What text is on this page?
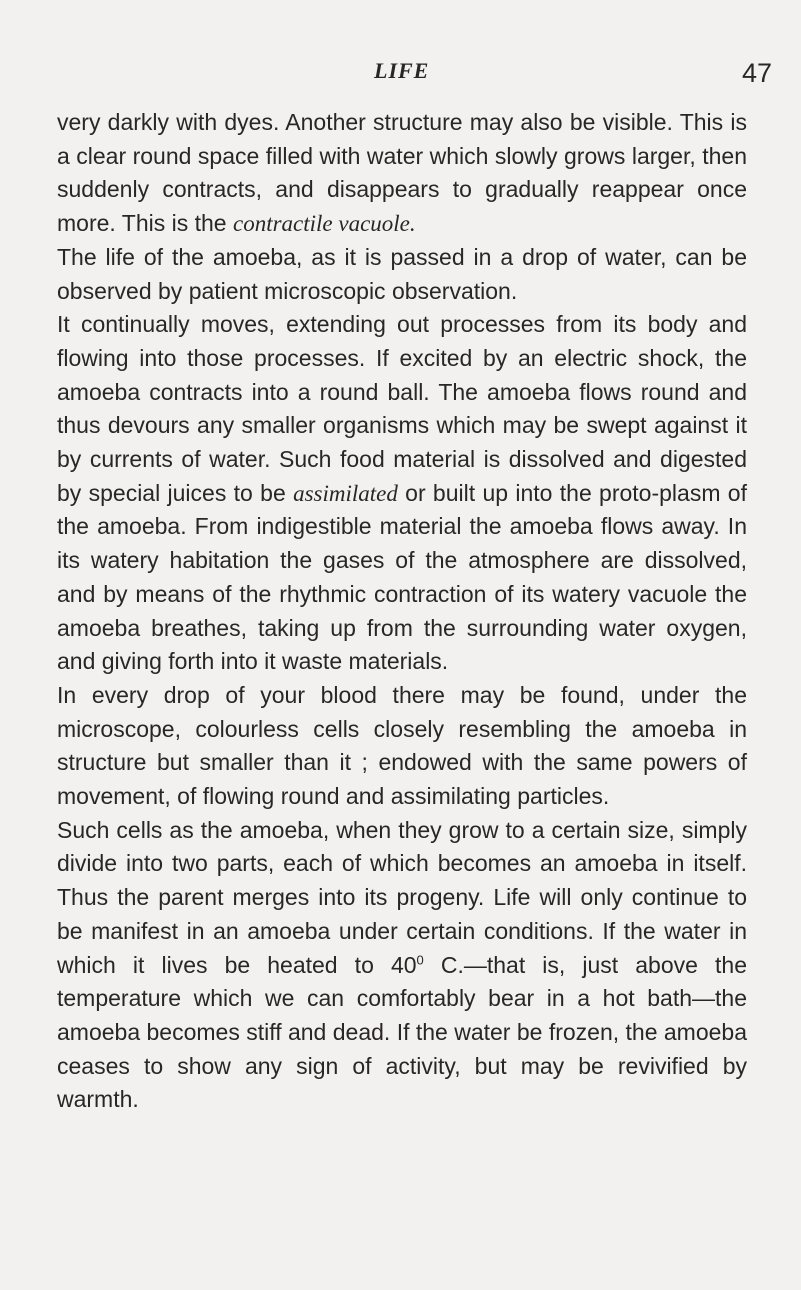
LIFE	47

very darkly with dyes. Another structure may also be visible. This is a clear round space filled with water which slowly grows larger, then suddenly contracts, and disappears to gradually reappear once more. This is the contractile vacuole.

The life of the amoeba, as it is passed in a drop of water, can be observed by patient microscopic observation.

It continually moves, extending out processes from its body and flowing into those processes. If excited by an electric shock, the amoeba contracts into a round ball. The amoeba flows round and thus devours any smaller organisms which may be swept against it by currents of water. Such food material is dissolved and digested by special juices to be assimilated or built up into the proto-plasm of the amoeba. From indigestible material the amoeba flows away. In its watery habitation the gases of the atmosphere are dissolved, and by means of the rhythmic contraction of its watery vacuole the amoeba breathes, taking up from the surrounding water oxygen, and giving forth into it waste materials.

In every drop of your blood there may be found, under the microscope, colourless cells closely resembling the amoeba in structure but smaller than it ; endowed with the same powers of movement, of flowing round and assimilating particles.

Such cells as the amoeba, when they grow to a certain size, simply divide into two parts, each of which becomes an amoeba in itself. Thus the parent merges into its progeny. Life will only continue to be manifest in an amoeba under certain conditions. If the water in which it lives be heated to $40^0$ C.—that is, just above the temperature which we can comfortably bear in a hot bath—the amoeba becomes stiff and dead. If the water be frozen, the amoeba ceases to show any sign of activity, but may be revivified by warmth.
